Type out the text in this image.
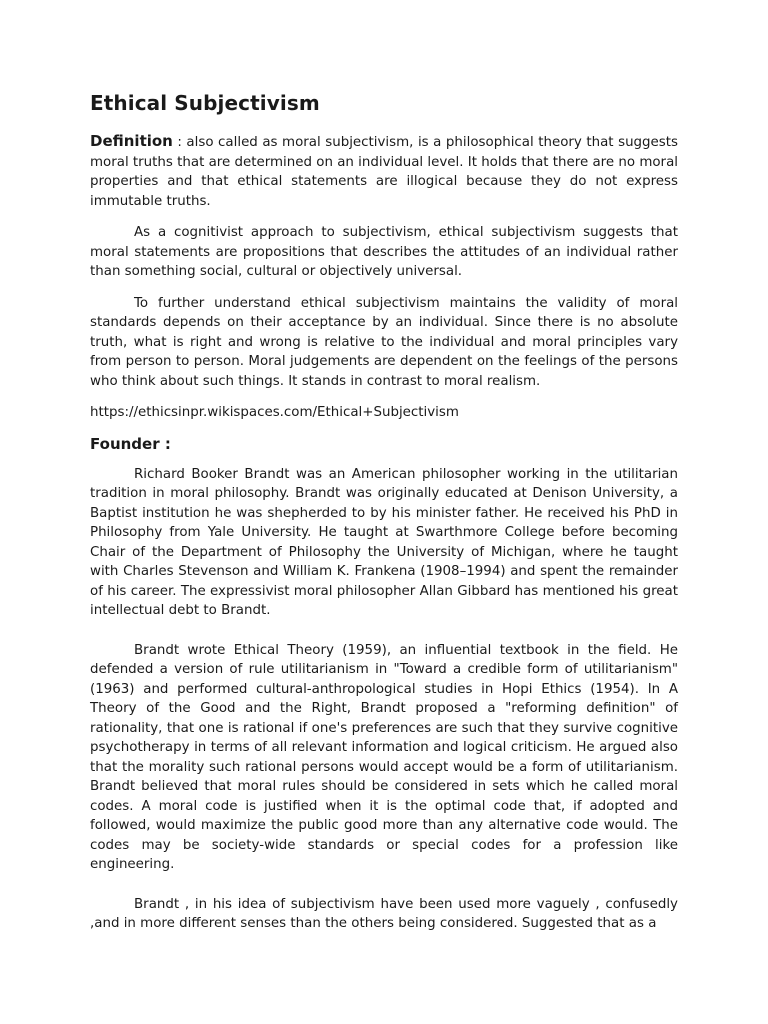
Ethical Subjectivism

Definition : also called as moral subjectivism, is a philosophical theory that suggests moral truths that are determined on an individual level. It holds that there are no moral properties and that ethical statements are illogical because they do not express immutable truths.

As a cognitivist approach to subjectivism, ethical subjectivism suggests that moral statements are propositions that describes the attitudes of an individual rather than something social, cultural or objectively universal.

To further understand ethical subjectivism maintains the validity of moral standards depends on their acceptance by an individual. Since there is no absolute truth, what is right and wrong is relative to the individual and moral principles vary from person to person. Moral judgements are dependent on the feelings of the persons who think about such things. It stands in contrast to moral realism.

https://ethicsinpr.wikispaces.com/Ethical+Subjectivism

Founder :

Richard Booker Brandt was an American philosopher working in the utilitarian tradition in moral philosophy. Brandt was originally educated at Denison University, a Baptist institution he was shepherded to by his minister father. He received his PhD in Philosophy from Yale University. He taught at Swarthmore College before becoming Chair of the Department of Philosophy the University of Michigan, where he taught with Charles Stevenson and William K. Frankena (1908–1994) and spent the remainder of his career. The expressivist moral philosopher Allan Gibbard has mentioned his great intellectual debt to Brandt.

Brandt wrote Ethical Theory (1959), an influential textbook in the field. He defended a version of rule utilitarianism in "Toward a credible form of utilitarianism" (1963) and performed cultural-anthropological studies in Hopi Ethics (1954). In A Theory of the Good and the Right, Brandt proposed a "reforming definition" of rationality, that one is rational if one's preferences are such that they survive cognitive psychotherapy in terms of all relevant information and logical criticism. He argued also that the morality such rational persons would accept would be a form of utilitarianism. Brandt believed that moral rules should be considered in sets which he called moral codes. A moral code is justified when it is the optimal code that, if adopted and followed, would maximize the public good more than any alternative code would. The codes may be society-wide standards or special codes for a profession like engineering.

Brandt , in his idea of subjectivism have been used more vaguely , confusedly ,and in more different senses than the others being considered. Suggested that as a
